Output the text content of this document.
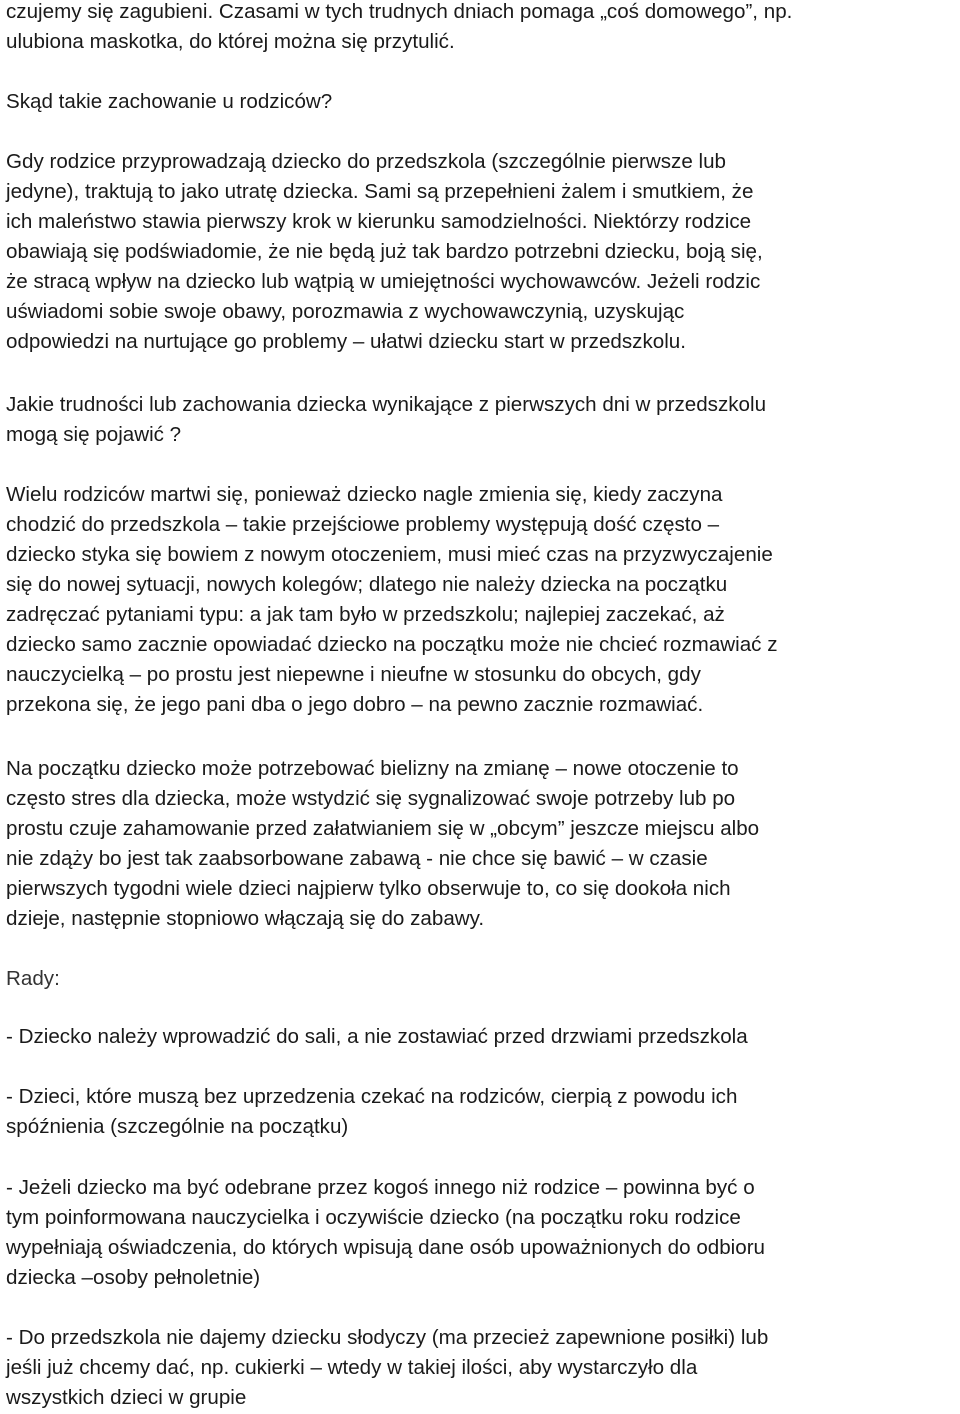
czujemy się zagubieni. Czasami w tych trudnych dniach pomaga „coś domowego”, np.

ulubiona maskotka, do której można się przytulić.

Skąd takie zachowanie u rodziców?

Gdy rodzice przyprowadzają dziecko do przedszkola (szczególnie pierwsze lub

jedyne), traktują to jako utratę dziecka. Sami są przepełnieni żalem i smutkiem, że

ich maleństwo stawia pierwszy krok w kierunku samodzielności. Niektórzy rodzice

obawiają się podświadomie, że nie będą już tak bardzo potrzebni dziecku, boją się,

że stracą wpływ na dziecko lub wątpią w umiejętności wychowawców. Jeżeli rodzic

uświadomi sobie swoje obawy, porozmawia z wychowawczynią, uzyskując

odpowiedzi na nurtujące go problemy – ułatwi dziecku start w przedszkolu.

Jakie trudności lub zachowania dziecka wynikające z pierwszych dni w przedszkolu

mogą się pojawić ?

Wielu rodziców martwi się, ponieważ dziecko nagle zmienia się, kiedy zaczyna

chodzić do przedszkola – takie przejściowe problemy występują dość często –

dziecko styka się bowiem z nowym otoczeniem, musi mieć czas na przyzwyczajenie

się do nowej sytuacji, nowych kolegów; dlatego nie należy dziecka na początku

zadręczać pytaniami typu: a jak tam było w przedszkolu; najlepiej zaczekać, aż

dziecko samo zacznie opowiadać dziecko na początku może nie chcieć rozmawiać z

nauczycielką – po prostu jest niepewne i nieufne w stosunku do obcych, gdy

przekona się, że jego pani dba o jego dobro – na pewno zacznie rozmawiać.

Na początku dziecko może potrzebować bielizny na zmianę – nowe otoczenie to

często stres dla dziecka, może wstydzić się sygnalizować swoje potrzeby lub po

prostu czuje zahamowanie przed załatwianiem się w „obcym” jeszcze miejscu albo

nie zdąży bo jest tak zaabsorbowane zabawą - nie chce się bawić – w czasie

pierwszych tygodni wiele dzieci najpierw tylko obserwuje to, co się dookoła nich

dzieje, następnie stopniowo włączają się do zabawy.

Rady:

- Dziecko należy wprowadzić do sali, a nie zostawiać przed drzwiami przedszkola

- Dzieci, które muszą bez uprzedzenia czekać na rodziców, cierpią z powodu ich

spóźnienia (szczególnie na początku)

- Jeżeli dziecko ma być odebrane przez kogoś innego niż rodzice – powinna być o

tym poinformowana nauczycielka i oczywiście dziecko (na początku roku rodzice

wypełniają oświadczenia, do których wpisują dane osób upoważnionych do odbioru

dziecka –osoby pełnoletnie)

- Do przedszkola nie dajemy dziecku słodyczy (ma przecież zapewnione posiłki) lub

jeśli już chcemy dać, np. cukierki – wtedy w takiej ilości, aby wystarczyło dla

wszystkich dzieci w grupie
